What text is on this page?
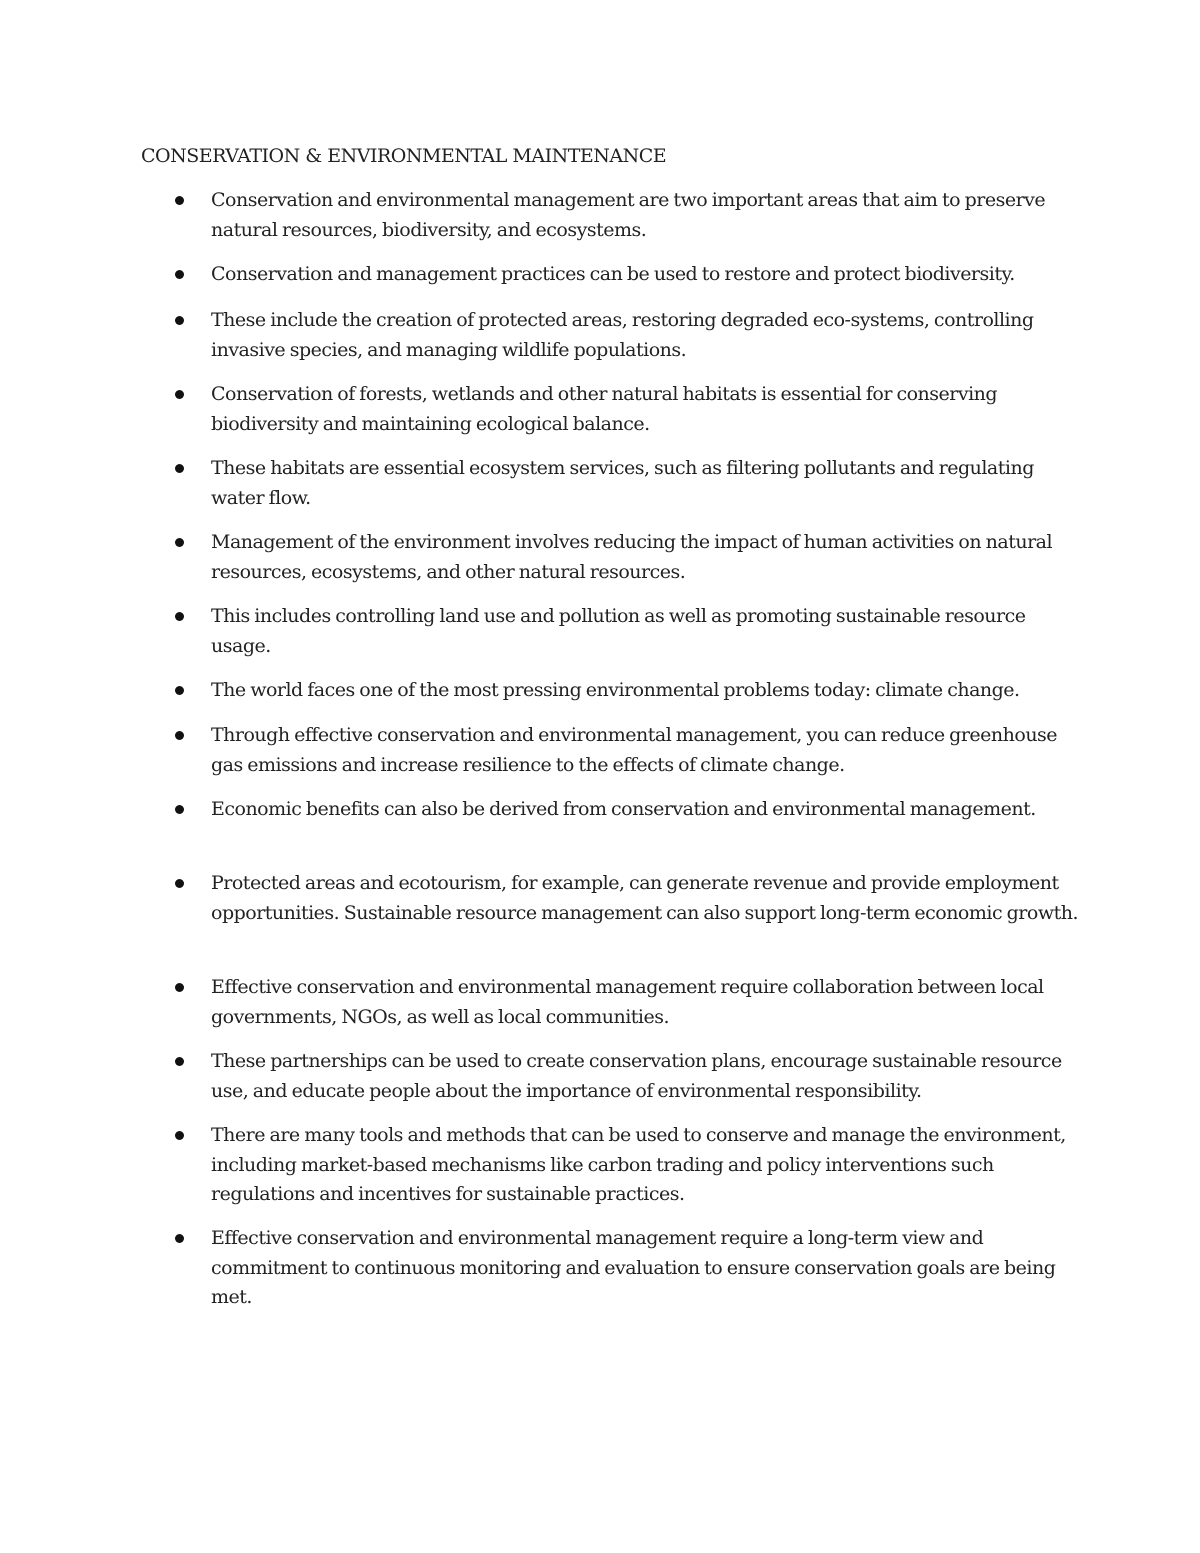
CONSERVATION & ENVIRONMENTAL MAINTENANCE
Conservation and environmental management are two important areas that aim to preserve natural resources, biodiversity, and ecosystems.
Conservation and management practices can be used to restore and protect biodiversity.
These include the creation of protected areas, restoring degraded eco-systems, controlling invasive species, and managing wildlife populations.
Conservation of forests, wetlands and other natural habitats is essential for conserving biodiversity and maintaining ecological balance.
These habitats are essential ecosystem services, such as filtering pollutants and regulating water flow.
Management of the environment involves reducing the impact of human activities on natural resources, ecosystems, and other natural resources.
This includes controlling land use and pollution as well as promoting sustainable resource usage.
The world faces one of the most pressing environmental problems today: climate change.
Through effective conservation and environmental management, you can reduce greenhouse gas emissions and increase resilience to the effects of climate change.
Economic benefits can also be derived from conservation and environmental management.
Protected areas and ecotourism, for example, can generate revenue and provide employment opportunities. Sustainable resource management can also support long-term economic growth.
Effective conservation and environmental management require collaboration between local governments, NGOs, as well as local communities.
These partnerships can be used to create conservation plans, encourage sustainable resource use, and educate people about the importance of environmental responsibility.
There are many tools and methods that can be used to conserve and manage the environment, including market-based mechanisms like carbon trading and policy interventions such regulations and incentives for sustainable practices.
Effective conservation and environmental management require a long-term view and commitment to continuous monitoring and evaluation to ensure conservation goals are being met.
